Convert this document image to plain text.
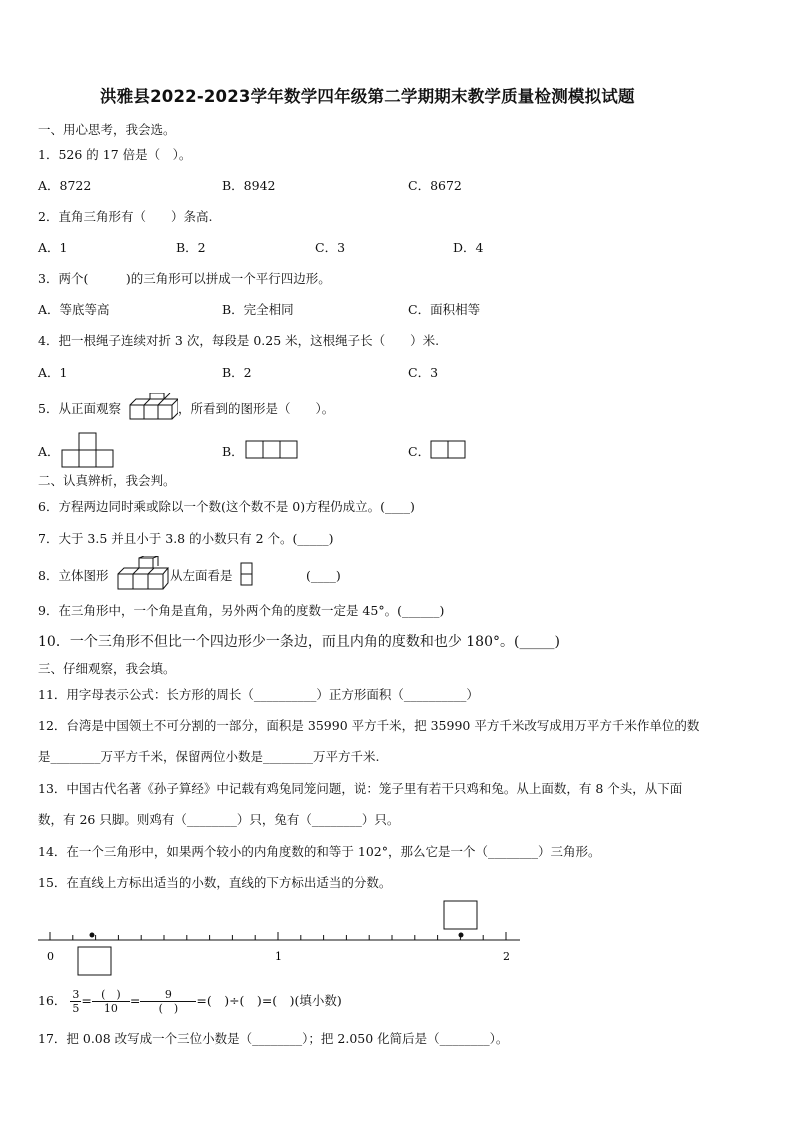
洪雅县2022-2023学年数学四年级第二学期期末教学质量检测模拟试题
一、用心思考，我会选。
1．526 的 17 倍是（　）。
A．8722	B．8942	C．8672
2．直角三角形有（　　）条高.
A．1	B．2	C．3	D．4
3．两个(　　　)的三角形可以拼成一个平行四边形。
A．等底等高	B．完全相同	C．面积相等
4．把一根绳子连续对折 3 次，每段是 0.25 米，这根绳子长（　　）米.
A．1	B．2	C．3
5．从正面观察	，所看到的图形是（　　）。
A．	B．	C．
二、认真辨析，我会判。
6．方程两边同时乘或除以一个数(这个数不是 0)方程仍成立。(____)
7．大于 3.5 并且小于 3.8 的小数只有 2 个。(_____)
8．立体图形	从左面看是	(____)
9．在三角形中，一个角是直角，另外两个角的度数一定是 45°。(______)
10．一个三角形不但比一个四边形少一条边，而且内角的度数和也少 180°。(_____)
三、仔细观察，我会填。
11．用字母表示公式：长方形的周长（__________）正方形面积（__________）
12．台湾是中国领土不可分割的一部分，面积是 35990 平方千米，把 35990 平方千米改写成用万平方千米作单位的数
是________万平方千米，保留两位小数是________万平方千米.
13．中国古代名著《孙子算经》中记载有鸡兔同笼问题，说：笼子里有若干只鸡和兔。从上面数，有 8 个头，从下面
数，有 26 只脚。则鸡有（________）只，兔有（________）只。
14．在一个三角形中，如果两个较小的内角度数的和等于 102°，那么它是一个（________）三角形。
15．在直线上方标出适当的小数，直线的下方标出适当的分数。
0	1	2
16． $\frac{3}{5} = \frac{( )}{10} = \frac{9}{( )}$ =(　)÷(　)=(　)(填小数)
17．把 0.08 改写成一个三位小数是（________）；把 2.050 化简后是（________）。
